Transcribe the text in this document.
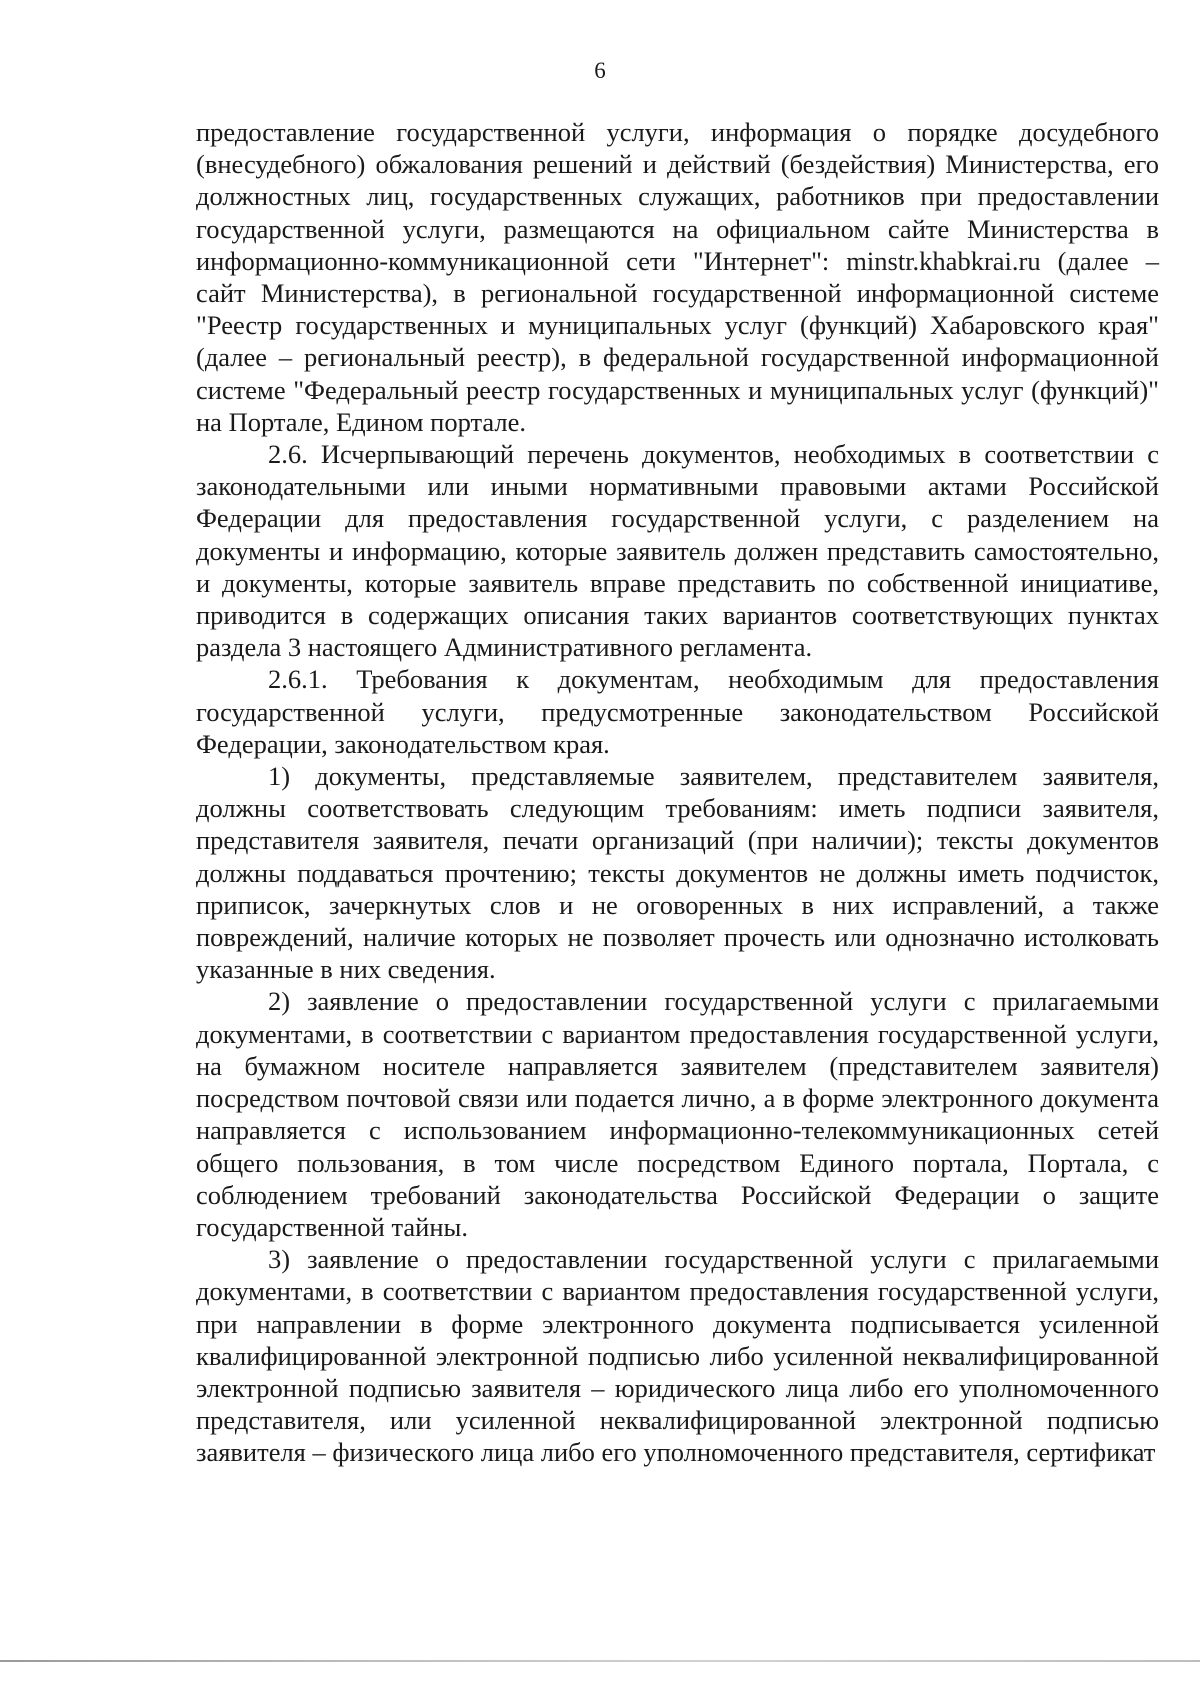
6

предоставление государственной услуги, информация о порядке досудебного (внесудебного) обжалования решений и действий (бездействия) Министерства, его должностных лиц, государственных служащих, работников при предоставлении государственной услуги, размещаются на официальном сайте Министерства в информационно-коммуникационной сети "Интернет": minstr.khabkrai.ru (далее – сайт Министерства), в региональной государственной информационной системе "Реестр государственных и муниципальных услуг (функций) Хабаровского края" (далее – региональный реестр), в федеральной государственной информационной системе "Федеральный реестр государственных и муниципальных услуг (функций)" на Портале, Едином портале.

2.6. Исчерпывающий перечень документов, необходимых в соответствии с законодательными или иными нормативными правовыми актами Российской Федерации для предоставления государственной услуги, с разделением на документы и информацию, которые заявитель должен представить самостоятельно, и документы, которые заявитель вправе представить по собственной инициативе, приводится в содержащих описания таких вариантов соответствующих пунктах раздела 3 настоящего Административного регламента.

2.6.1. Требования к документам, необходимым для предоставления государственной услуги, предусмотренные законодательством Российской Федерации, законодательством края.

1) документы, представляемые заявителем, представителем заявителя, должны соответствовать следующим требованиям: иметь подписи заявителя, представителя заявителя, печати организаций (при наличии); тексты документов должны поддаваться прочтению; тексты документов не должны иметь подчисток, приписок, зачеркнутых слов и не оговоренных в них исправлений, а также повреждений, наличие которых не позволяет прочесть или однозначно истолковать указанные в них сведения.

2) заявление о предоставлении государственной услуги с прилагаемыми документами, в соответствии с вариантом предоставления государственной услуги, на бумажном носителе направляется заявителем (представителем заявителя) посредством почтовой связи или подается лично, а в форме электронного документа направляется с использованием информационно-телекоммуникационных сетей общего пользования, в том числе посредством Единого портала, Портала, с соблюдением требований законодательства Российской Федерации о защите государственной тайны.

3) заявление о предоставлении государственной услуги с прилагаемыми документами, в соответствии с вариантом предоставления государственной услуги, при направлении в форме электронного документа подписывается усиленной квалифицированной электронной подписью либо усиленной неквалифицированной электронной подписью заявителя – юридического лица либо его уполномоченного представителя, или усиленной неквалифицированной электронной подписью заявителя – физического лица либо его уполномоченного представителя, сертификат
